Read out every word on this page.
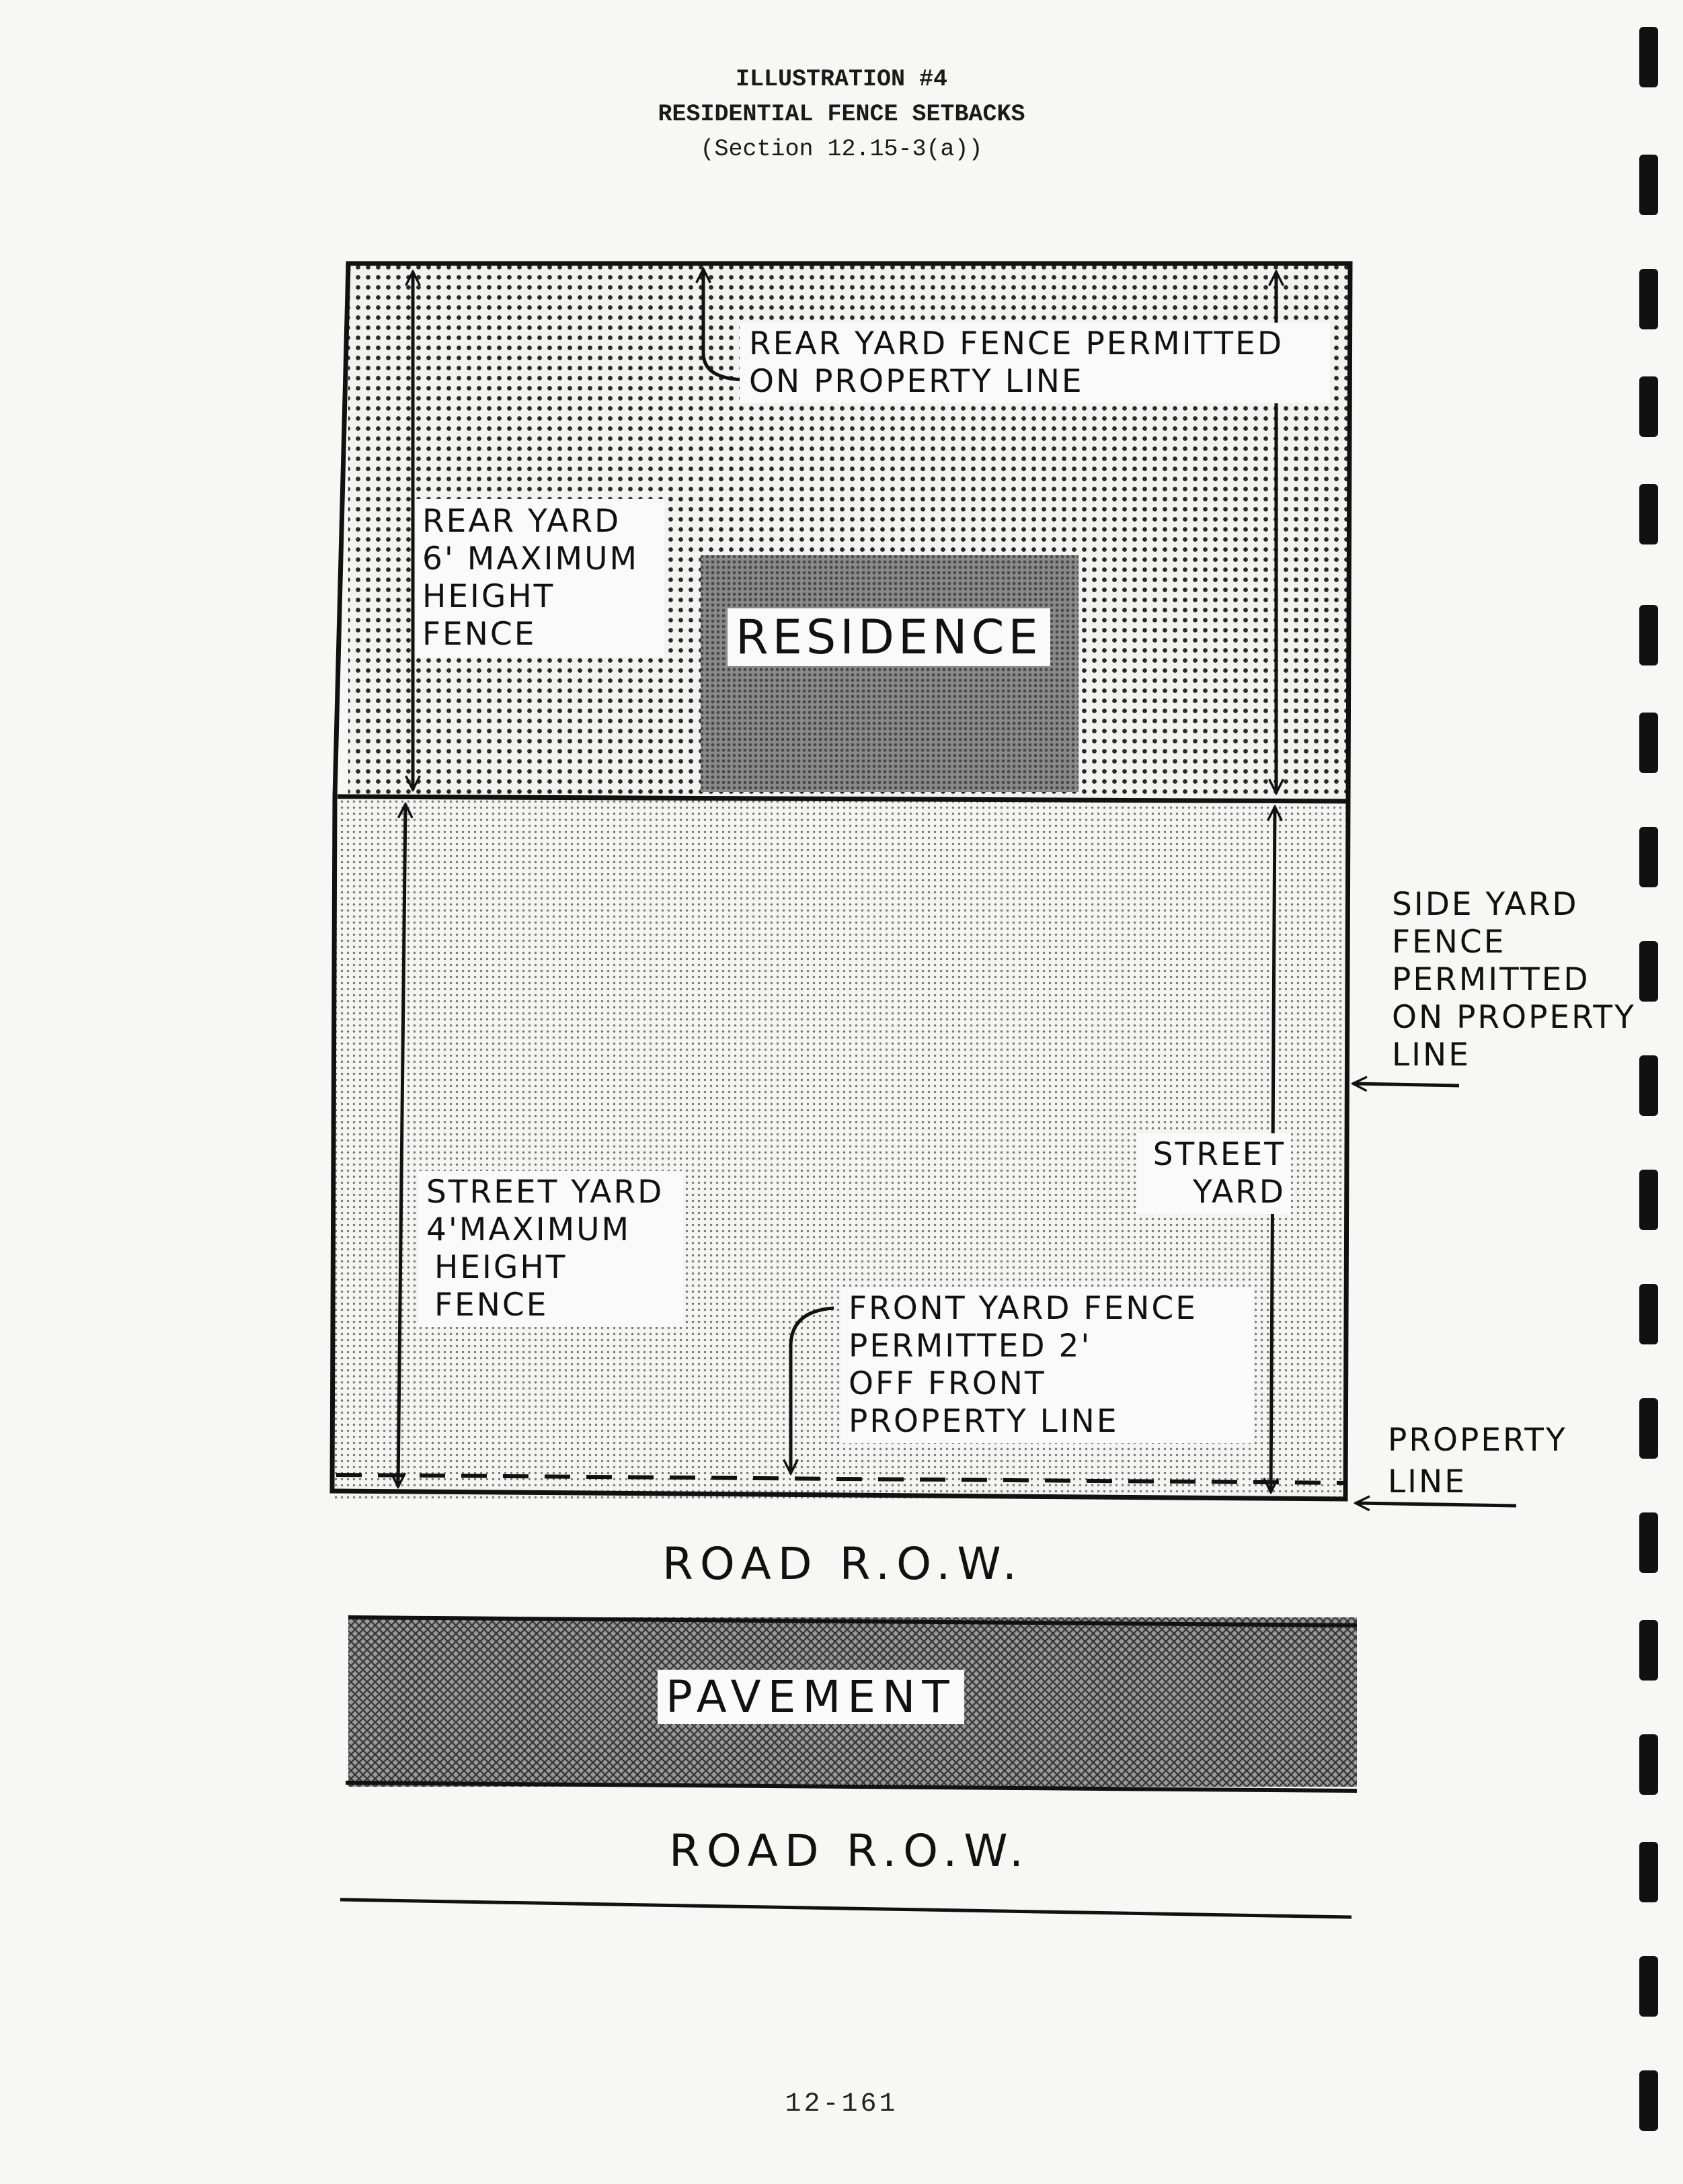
ILLUSTRATION #4
RESIDENTIAL FENCE SETBACKS
(Section 12.15-3(a))
REAR YARD FENCE PERMITTED
ON PROPERTY LINE
REAR YARD
6' MAXIMUM
HEIGHT
FENCE	RESIDENCE
SIDE YARD
FENCE
PERMITTED
ON PROPERTY
LINE
STREET
YARD
STREET YARD
4'MAXIMUM
HEIGHT
FENCE	FRONT YARD FENCE
PERMITTED 2'
OFF FRONT
PROPERTY LINE
PROPERTY
LINE
ROAD R.O.W.
PAVEMENT
ROAD R.O.W.
12-161
